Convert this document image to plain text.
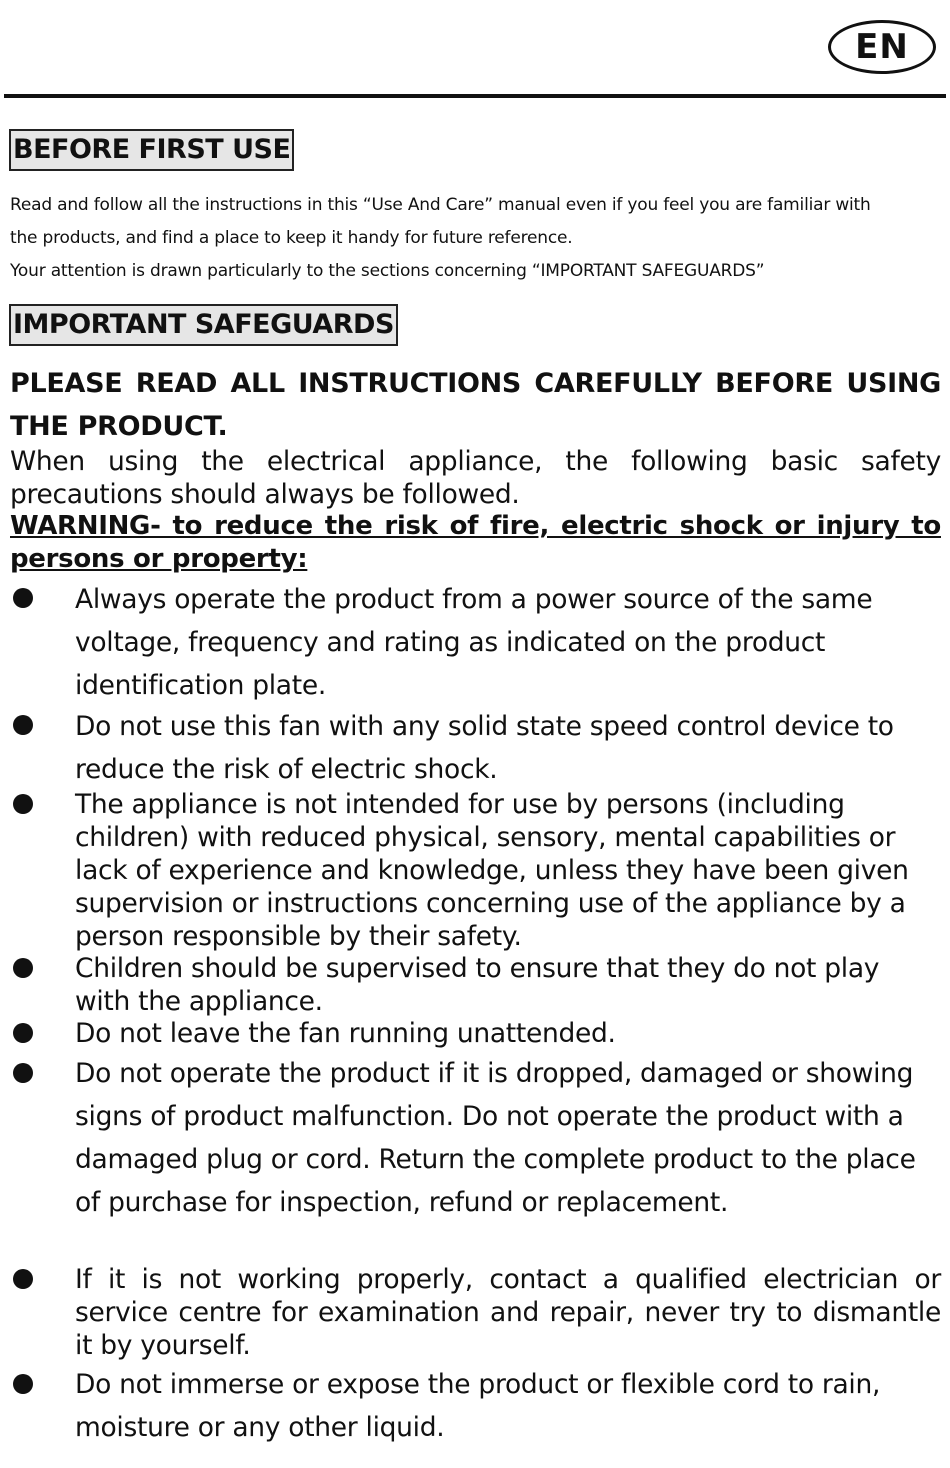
EN
BEFORE FIRST USE
Read and follow all the instructions in this “Use And Care” manual even if you feel you are familiar with
the products, and find a place to keep it handy for future reference.
Your attention is drawn particularly to the sections concerning “IMPORTANT SAFEGUARDS”
IMPORTANT SAFEGUARDS
PLEASE READ ALL INSTRUCTIONS CAREFULLY BEFORE USING THE PRODUCT.
When using the electrical appliance, the following basic safety precautions should always be followed.
WARNING- to reduce the risk of fire, electric shock or injury to persons or property:
Always operate the product from a power source of the same voltage, frequency and rating as indicated on the product identification plate.
Do not use this fan with any solid state speed control device to reduce the risk of electric shock.
The appliance is not intended for use by persons (including children) with reduced physical, sensory, mental capabilities or lack of experience and knowledge, unless they have been given supervision or instructions concerning use of the appliance by a person responsible by their safety.
Children should be supervised to ensure that they do not play with the appliance.
Do not leave the fan running unattended.
Do not operate the product if it is dropped, damaged or showing signs of product malfunction. Do not operate the product with a damaged plug or cord. Return the complete product to the place of purchase for inspection, refund or replacement.
If it is not working properly, contact a qualified electrician or service centre for examination and repair, never try to dismantle it by yourself.
Do not immerse or expose the product or flexible cord to rain, moisture or any other liquid.
